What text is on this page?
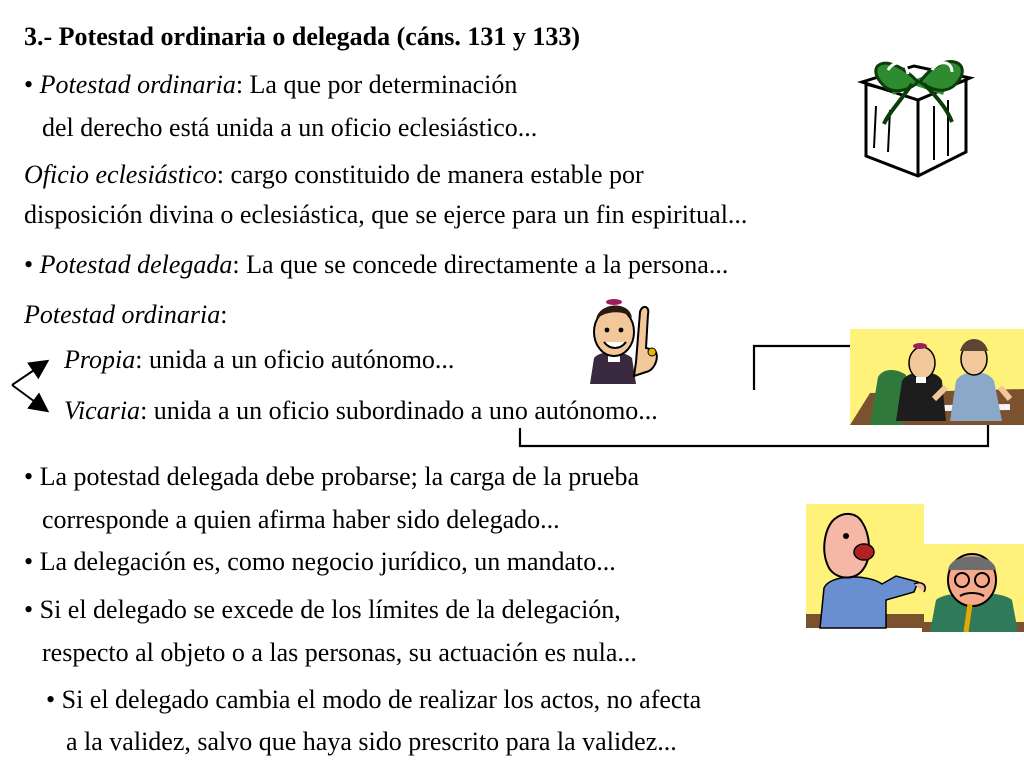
3.- Potestad ordinaria o delegada (cáns. 131 y 133)
• Potestad ordinaria: La que por determinación
del derecho está unida a un oficio eclesiástico...
Oficio eclesiástico: cargo constituido de manera estable por
disposición divina o eclesiástica, que se ejerce para un fin espiritual...
• Potestad delegada: La que se concede directamente a la persona...
Potestad ordinaria:
Propia: unida a un oficio autónomo...
Vicaria: unida a un oficio subordinado a uno autónomo...
• La potestad delegada debe probarse; la carga de la prueba
corresponde a quien afirma haber sido delegado...
• La delegación es, como negocio jurídico, un mandato...
• Si el delegado se excede de los límites de la delegación,
respecto al objeto o a las personas, su actuación es nula...
• Si el delegado cambia el modo de realizar los actos, no afecta
a la validez, salvo que haya sido prescrito para la validez...
